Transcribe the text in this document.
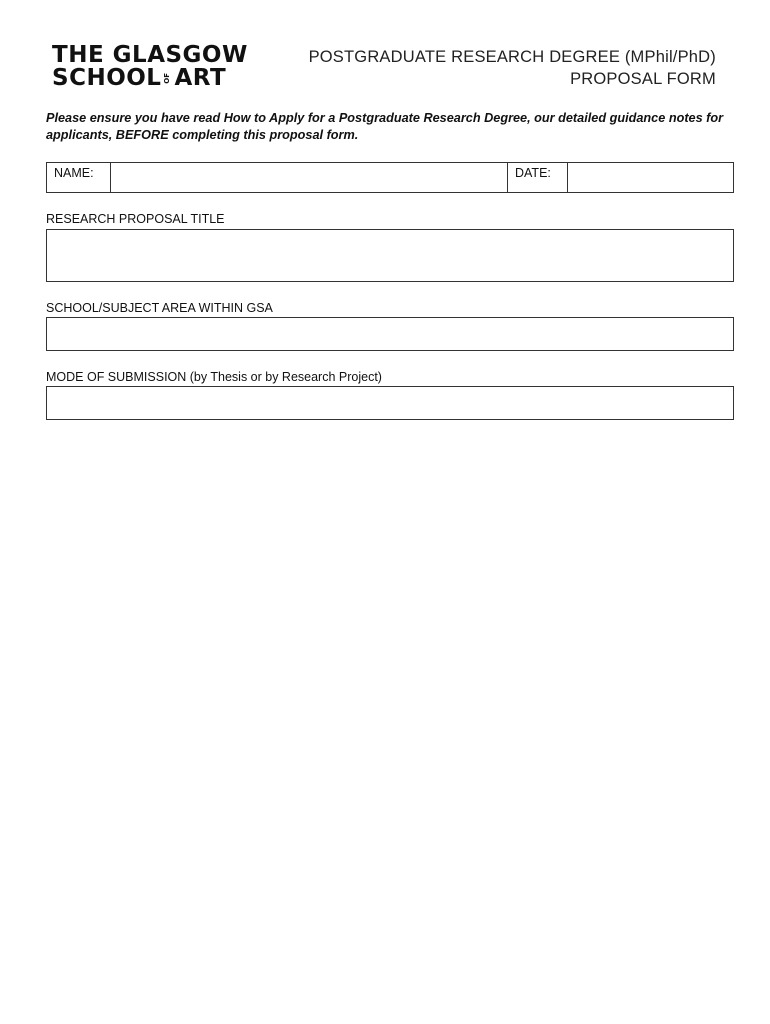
THE GLASGOW
SCHOOL OF ART
POSTGRADUATE RESEARCH DEGREE (MPhil/PhD)
PROPOSAL FORM
Please ensure you have read How to Apply for a Postgraduate Research Degree, our detailed guidance notes for applicants, BEFORE completing this proposal form.
NAME:	DATE:
RESEARCH PROPOSAL TITLE
SCHOOL/SUBJECT AREA WITHIN GSA
MODE OF SUBMISSION (by Thesis or by Research Project)
